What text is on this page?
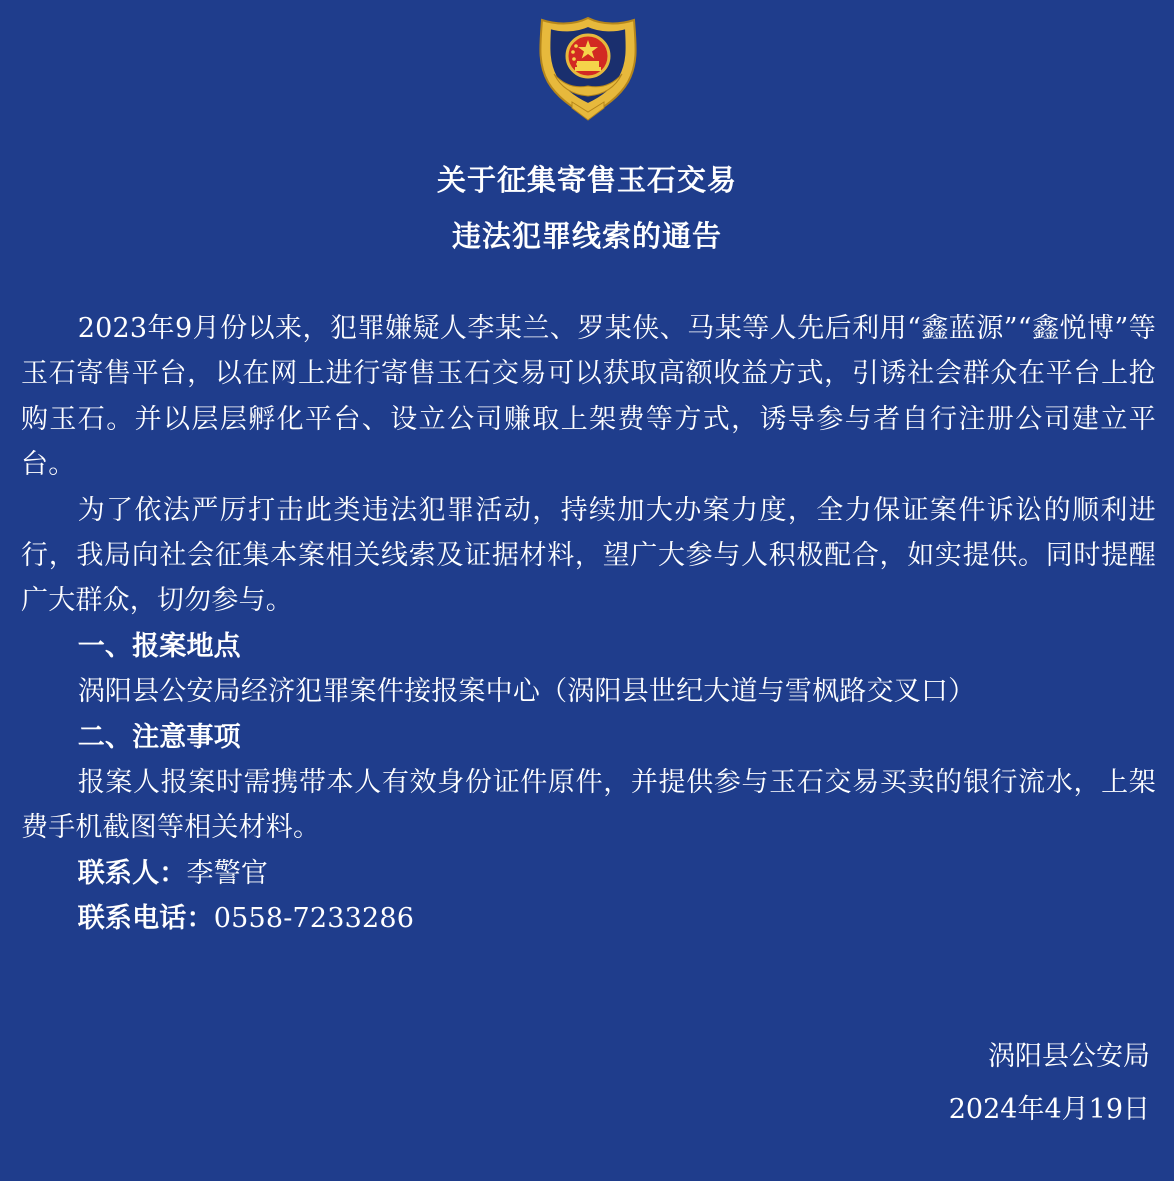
关于征集寄售玉石交易
违法犯罪线索的通告

2023年9月份以来，犯罪嫌疑人李某兰、罗某侠、马某等人先后利用“鑫蓝源”“鑫悦博”等玉石寄售平台，以在网上进行寄售玉石交易可以获取高额收益方式，引诱社会群众在平台上抢购玉石。并以层层孵化平台、设立公司赚取上架费等方式，诱导参与者自行注册公司建立平台。

为了依法严厉打击此类违法犯罪活动，持续加大办案力度，全力保证案件诉讼的顺利进行，我局向社会征集本案相关线索及证据材料，望广大参与人积极配合，如实提供。同时提醒广大群众，切勿参与。

一、报案地点

涡阳县公安局经济犯罪案件接报案中心（涡阳县世纪大道与雪枫路交叉口）

二、注意事项

报案人报案时需携带本人有效身份证件原件，并提供参与玉石交易买卖的银行流水，上架费手机截图等相关材料。

联系人：李警官

联系电话：0558-7233286

涡阳县公安局
2024年4月19日
